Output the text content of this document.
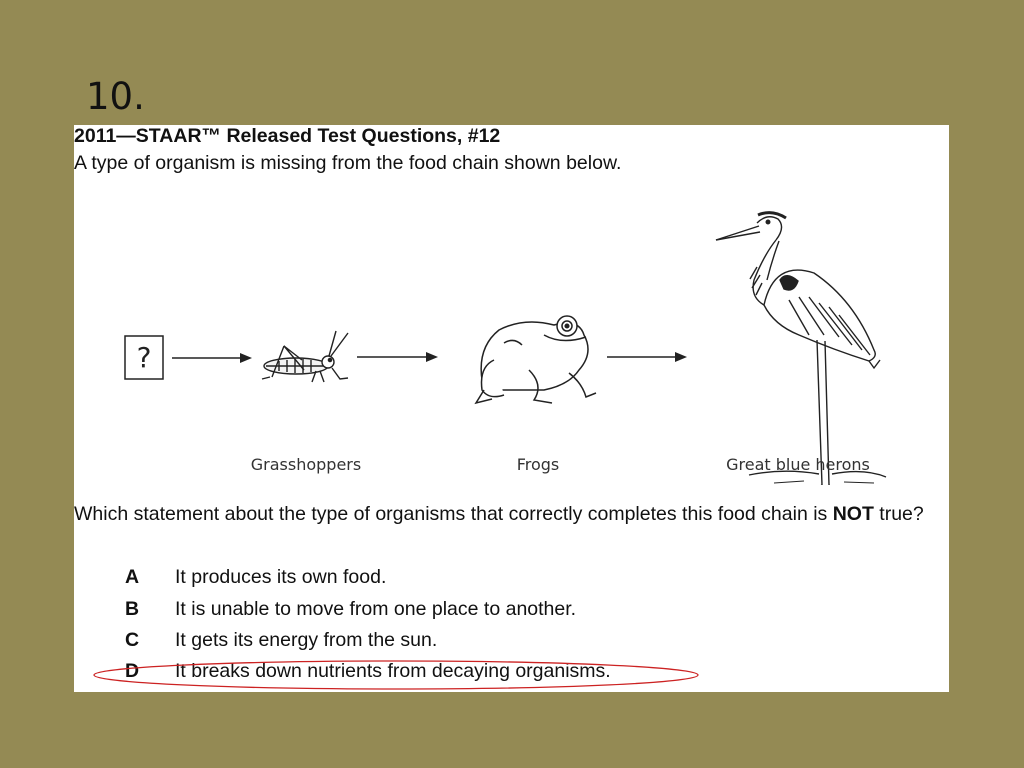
10.
2011—STAAR™ Released Test Questions, #12
A type of organism is missing from the food chain shown below.
?
Grasshoppers	Frogs	Great blue herons
Which statement about the type of organisms that correctly completes this food chain is NOT true?
A It produces its own food.
B It is unable to move from one place to another.
C It gets its energy from the sun.
D It breaks down nutrients from decaying organisms.
